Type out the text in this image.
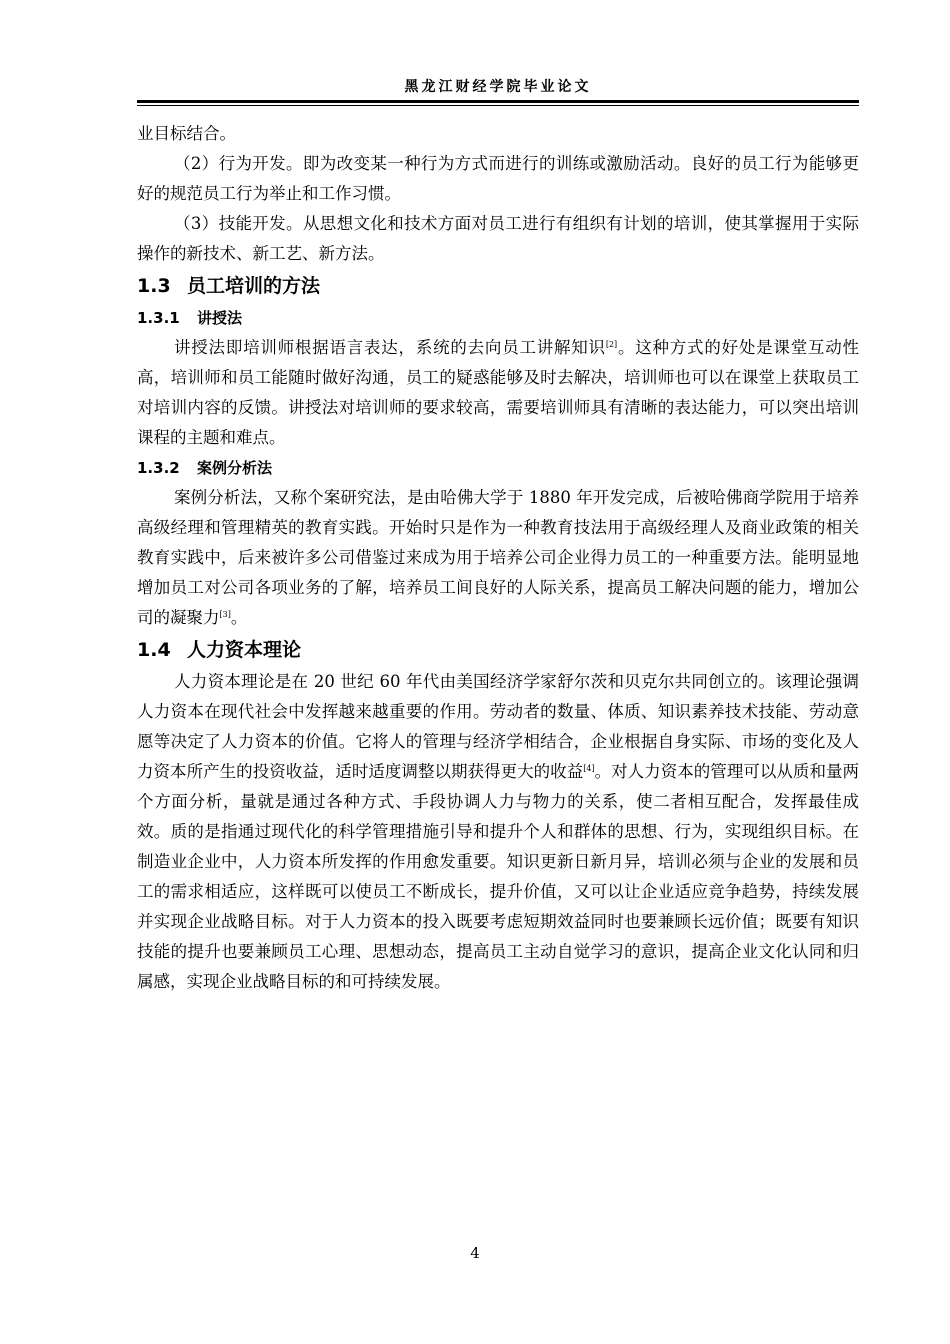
黑龙江财经学院毕业论文

业目标结合。

（2）行为开发。即为改变某一种行为方式而进行的训练或激励活动。良好的员工行为能够更好的规范员工行为举止和工作习惯。

（3）技能开发。从思想文化和技术方面对员工进行有组织有计划的培训，使其掌握用于实际操作的新技术、新工艺、新方法。

1.3 员工培训的方法
1.3.1 讲授法

讲授法即培训师根据语言表达，系统的去向员工讲解知识[2]。这种方式的好处是课堂互动性高，培训师和员工能随时做好沟通，员工的疑惑能够及时去解决，培训师也可以在课堂上获取员工对培训内容的反馈。讲授法对培训师的要求较高，需要培训师具有清晰的表达能力，可以突出培训课程的主题和难点。

1.3.2 案例分析法

案例分析法，又称个案研究法，是由哈佛大学于 1880 年开发完成，后被哈佛商学院用于培养高级经理和管理精英的教育实践。开始时只是作为一种教育技法用于高级经理人及商业政策的相关教育实践中，后来被许多公司借鉴过来成为用于培养公司企业得力员工的一种重要方法。能明显地增加员工对公司各项业务的了解，培养员工间良好的人际关系，提高员工解决问题的能力，增加公司的凝聚力[3]。

1.4 人力资本理论

人力资本理论是在 20 世纪 60 年代由美国经济学家舒尔茨和贝克尔共同创立的。该理论强调人力资本在现代社会中发挥越来越重要的作用。劳动者的数量、体质、知识素养技术技能、劳动意愿等决定了人力资本的价值。它将人的管理与经济学相结合，企业根据自身实际、市场的变化及人力资本所产生的投资收益，适时适度调整以期获得更大的收益[4]。对人力资本的管理可以从质和量两个方面分析，量就是通过各种方式、手段协调人力与物力的关系，使二者相互配合，发挥最佳成效。质的是指通过现代化的科学管理措施引导和提升个人和群体的思想、行为，实现组织目标。在制造业企业中，人力资本所发挥的作用愈发重要。知识更新日新月异，培训必须与企业的发展和员工的需求相适应，这样既可以使员工不断成长，提升价值，又可以让企业适应竞争趋势，持续发展并实现企业战略目标。对于人力资本的投入既要考虑短期效益同时也要兼顾长远价值；既要有知识技能的提升也要兼顾员工心理、思想动态，提高员工主动自觉学习的意识，提高企业文化认同和归属感，实现企业战略目标的和可持续发展。

4
